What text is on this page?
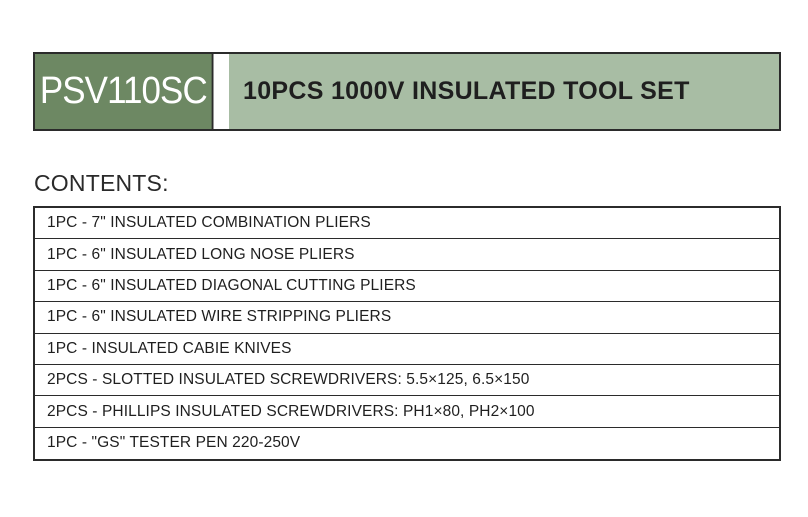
PSV110SC 10PCS 1000V INSULATED TOOL SET
CONTENTS:
1PC - 7" INSULATED COMBINATION PLIERS
1PC - 6" INSULATED LONG NOSE PLIERS
1PC - 6" INSULATED DIAGONAL CUTTING PLIERS
1PC - 6" INSULATED WIRE STRIPPING PLIERS
1PC - INSULATED CABIE KNIVES
2PCS - SLOTTED INSULATED SCREWDRIVERS: 5.5×125, 6.5×150
2PCS - PHILLIPS INSULATED SCREWDRIVERS: PH1×80, PH2×100
1PC - "GS" TESTER PEN 220-250V
